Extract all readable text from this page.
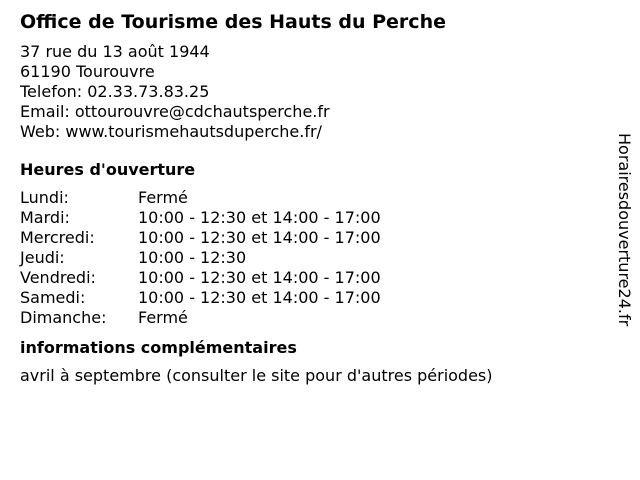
Office de Tourisme des Hauts du Perche
37 rue du 13 août 1944
61190 Tourouvre
Telefon: 02.33.73.83.25
Email: ottourouvre@cdchautsperche.fr
Web: www.tourismehautsduperche.fr/
Heures d'ouverture
Lundi:	Fermé
Mardi:	10:00 - 12:30 et 14:00 - 17:00
Mercredi:	10:00 - 12:30 et 14:00 - 17:00
Jeudi:	10:00 - 12:30
Vendredi:	10:00 - 12:30 et 14:00 - 17:00
Samedi:	10:00 - 12:30 et 14:00 - 17:00
Dimanche:	Fermé
informations complémentaires
avril à septembre (consulter le site pour d'autres périodes)
Horairesdouverture24.fr
